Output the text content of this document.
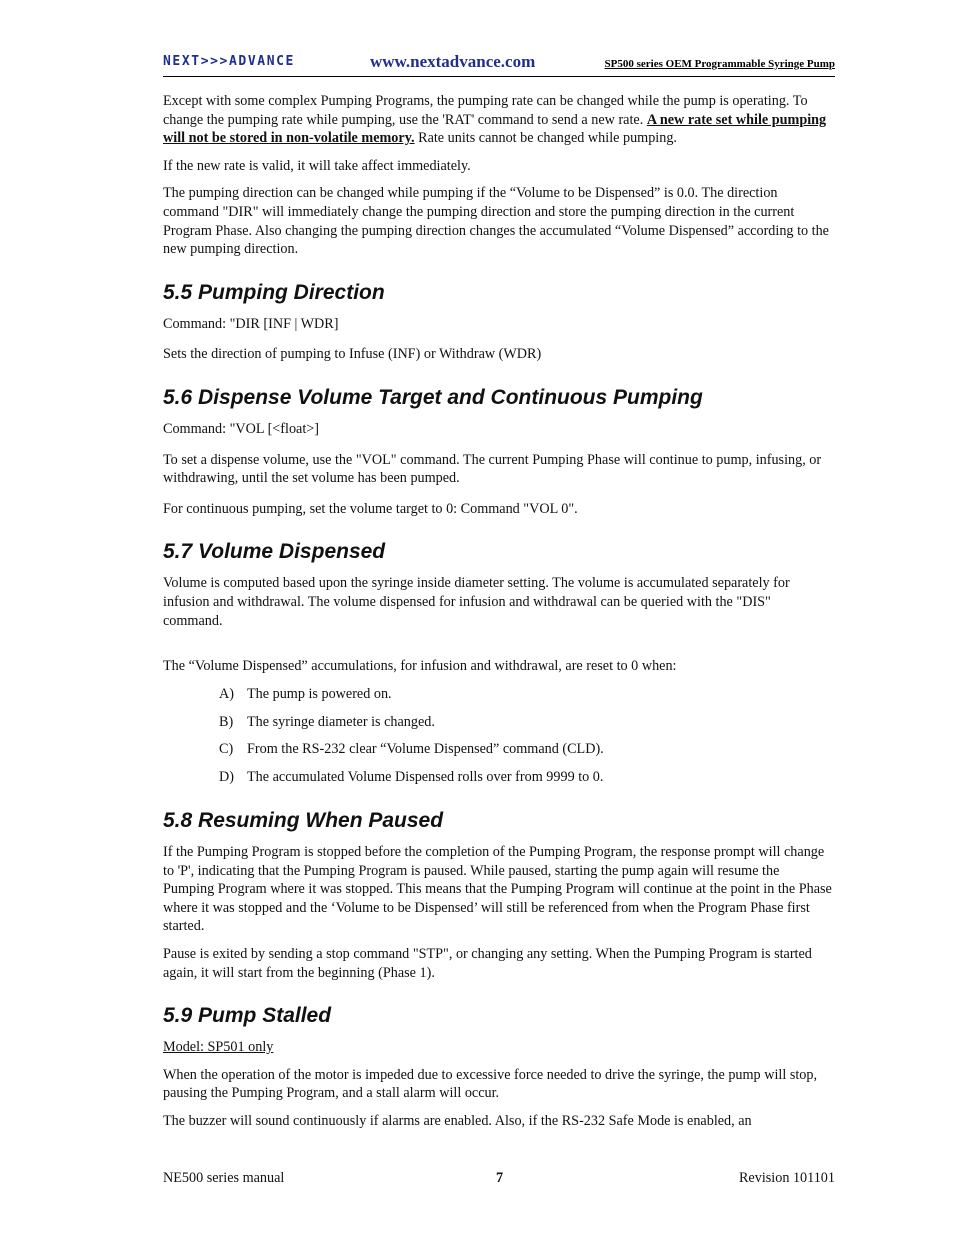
NEXT>>>ADVANCE	www.nextadvance.com	SP500 series OEM Programmable Syringe Pump

Except with some complex Pumping Programs, the pumping rate can be changed while the pump is operating. To change the pumping rate while pumping, use the 'RAT' command to send a new rate. A new rate set while pumping will not be stored in non-volatile memory. Rate units cannot be changed while pumping.

If the new rate is valid, it will take affect immediately.

The pumping direction can be changed while pumping if the “Volume to be Dispensed” is 0.0. The direction command "DIR" will immediately change the pumping direction and store the pumping direction in the current Program Phase. Also changing the pumping direction changes the accumulated “Volume Dispensed” according to the new pumping direction.

5.5 Pumping Direction

Command: "DIR [INF | WDR]

Sets the direction of pumping to Infuse (INF) or Withdraw (WDR)

5.6 Dispense Volume Target and Continuous Pumping

Command: "VOL [<float>]

To set a dispense volume, use the "VOL" command. The current Pumping Phase will continue to pump, infusing, or withdrawing, until the set volume has been pumped.

For continuous pumping, set the volume target to 0: Command "VOL 0".

5.7 Volume Dispensed

Volume is computed based upon the syringe inside diameter setting. The volume is accumulated separately for infusion and withdrawal. The volume dispensed for infusion and withdrawal can be queried with the "DIS" command.

The “Volume Dispensed” accumulations, for infusion and withdrawal, are reset to 0 when:

A) The pump is powered on.
B) The syringe diameter is changed.
C) From the RS-232 clear “Volume Dispensed” command (CLD).
D) The accumulated Volume Dispensed rolls over from 9999 to 0.
5.8 Resuming When Paused

If the Pumping Program is stopped before the completion of the Pumping Program, the response prompt will change to 'P', indicating that the Pumping Program is paused. While paused, starting the pump again will resume the Pumping Program where it was stopped. This means that the Pumping Program will continue at the point in the Phase where it was stopped and the ‘Volume to be Dispensed’ will still be referenced from when the Program Phase first started.

Pause is exited by sending a stop command "STP", or changing any setting. When the Pumping Program is started again, it will start from the beginning (Phase 1).

5.9 Pump Stalled

Model: SP501 only

When the operation of the motor is impeded due to excessive force needed to drive the syringe, the pump will stop, pausing the Pumping Program, and a stall alarm will occur.

The buzzer will sound continuously if alarms are enabled. Also, if the RS-232 Safe Mode is enabled, an

NE500 series manual	7	Revision 101101
